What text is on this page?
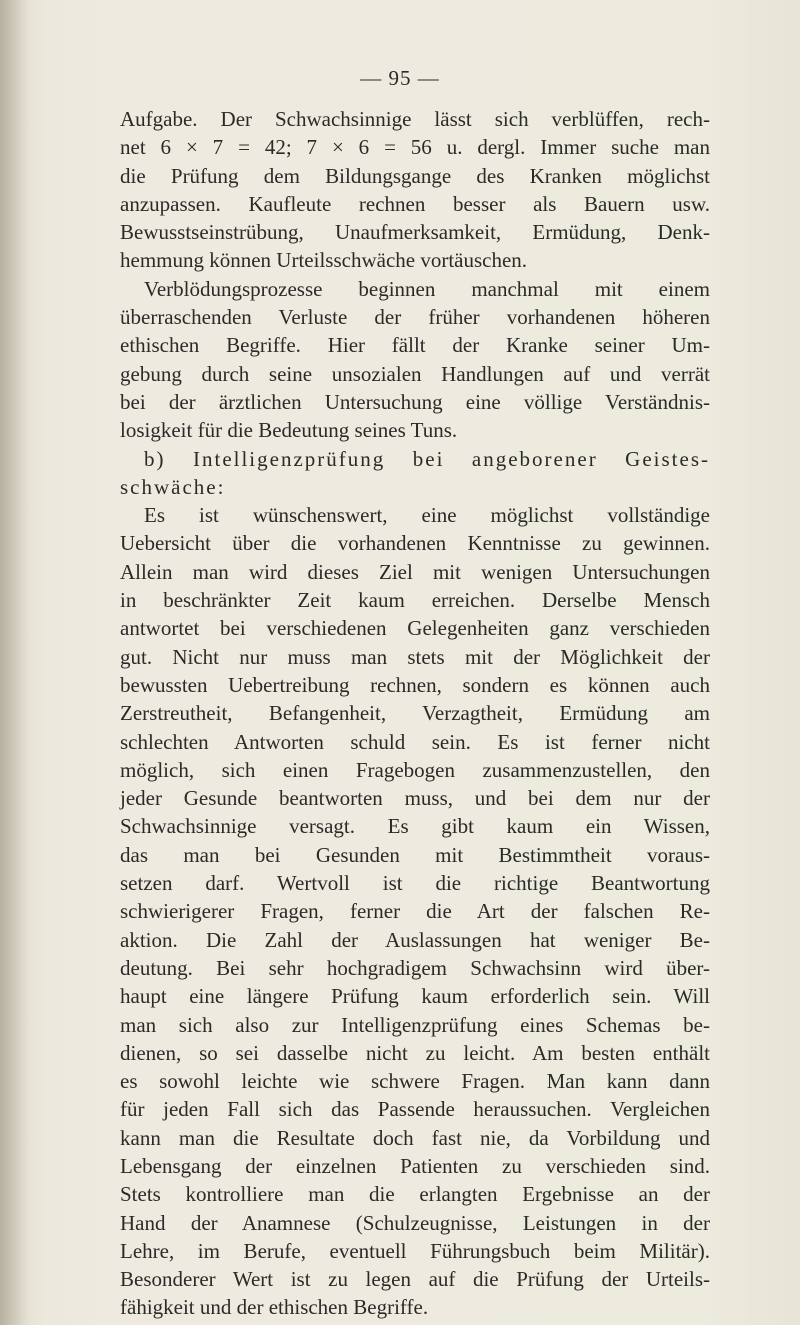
— 95 —
Aufgabe. Der Schwachsinnige lässt sich verblüffen, rech-
net 6 × 7 = 42; 7 × 6 = 56 u. dergl. Immer suche man
die Prüfung dem Bildungsgange des Kranken möglichst
anzupassen. Kaufleute rechnen besser als Bauern usw.
Bewusstseinstrübung, Unaufmerksamkeit, Ermüdung, Denk-
hemmung können Urteilsschwäche vortäuschen.
Verblödungsprozesse beginnen manchmal mit einem
überraschenden Verluste der früher vorhandenen höheren
ethischen Begriffe. Hier fällt der Kranke seiner Um-
gebung durch seine unsozialen Handlungen auf und verrät
bei der ärztlichen Untersuchung eine völlige Verständnis-
losigkeit für die Bedeutung seines Tuns.
b) Intelligenzprüfung bei angeborener Geistes-
schwäche:
Es ist wünschenswert, eine möglichst vollständige
Uebersicht über die vorhandenen Kenntnisse zu gewinnen.
Allein man wird dieses Ziel mit wenigen Untersuchungen
in beschränkter Zeit kaum erreichen. Derselbe Mensch
antwortet bei verschiedenen Gelegenheiten ganz verschieden
gut. Nicht nur muss man stets mit der Möglichkeit der
bewussten Uebertreibung rechnen, sondern es können auch
Zerstreutheit, Befangenheit, Verzagtheit, Ermüdung am
schlechten Antworten schuld sein. Es ist ferner nicht
möglich, sich einen Fragebogen zusammenzustellen, den
jeder Gesunde beantworten muss, und bei dem nur der
Schwachsinnige versagt. Es gibt kaum ein Wissen,
das man bei Gesunden mit Bestimmtheit voraus-
setzen darf. Wertvoll ist die richtige Beantwortung
schwierigerer Fragen, ferner die Art der falschen Re-
aktion. Die Zahl der Auslassungen hat weniger Be-
deutung. Bei sehr hochgradigem Schwachsinn wird über-
haupt eine längere Prüfung kaum erforderlich sein. Will
man sich also zur Intelligenzprüfung eines Schemas be-
dienen, so sei dasselbe nicht zu leicht. Am besten enthält
es sowohl leichte wie schwere Fragen. Man kann dann
für jeden Fall sich das Passende heraussuchen. Vergleichen
kann man die Resultate doch fast nie, da Vorbildung und
Lebensgang der einzelnen Patienten zu verschieden sind.
Stets kontrolliere man die erlangten Ergebnisse an der
Hand der Anamnese (Schulzeugnisse, Leistungen in der
Lehre, im Berufe, eventuell Führungsbuch beim Militär).
Besonderer Wert ist zu legen auf die Prüfung der Urteils-
fähigkeit und der ethischen Begriffe.
